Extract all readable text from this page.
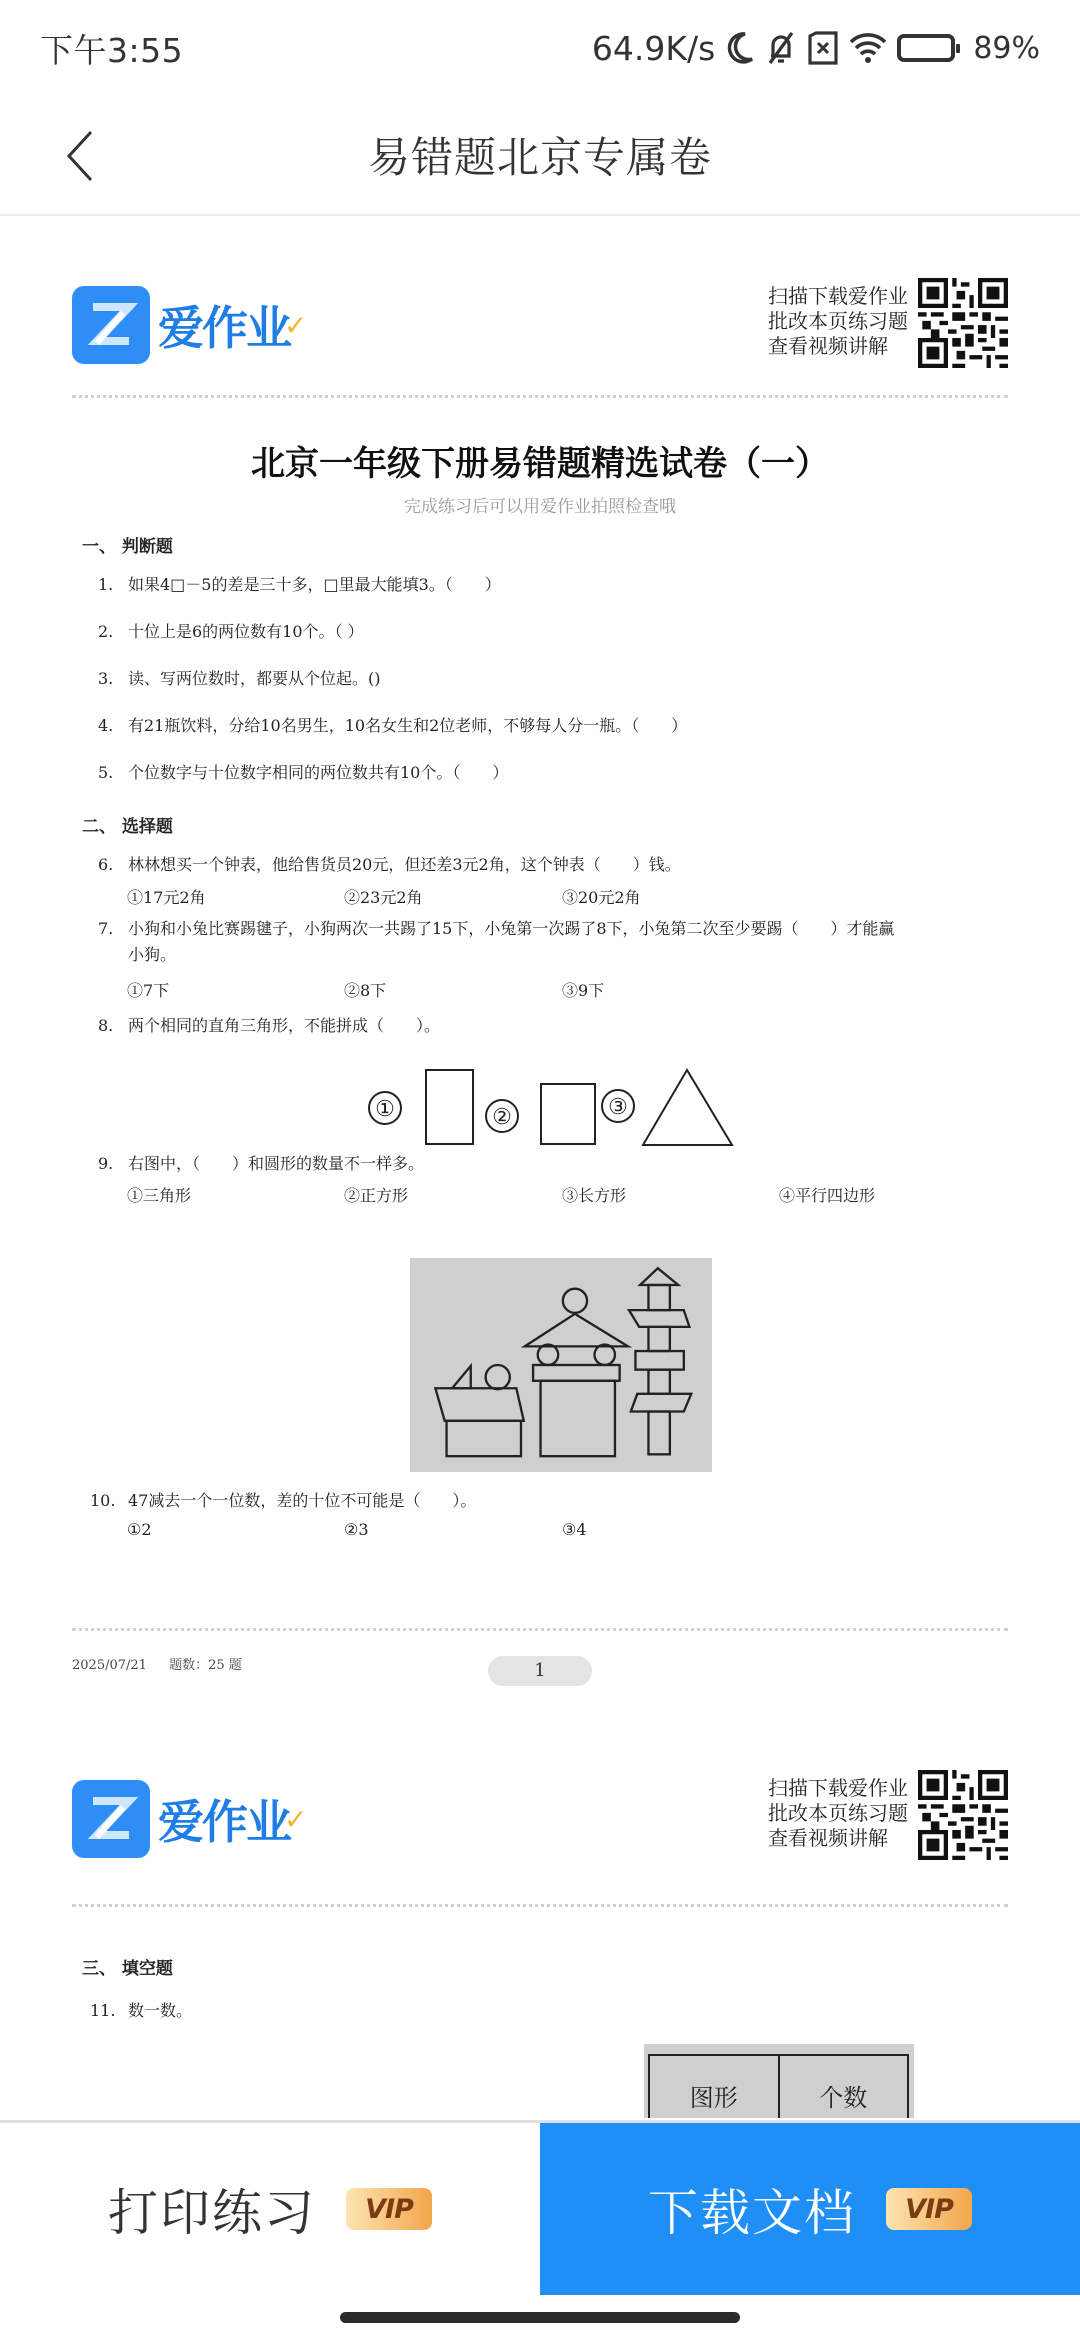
下午3:55	64.9K/s	89%
易错题北京专属卷
爱作业
✓
扫描下载爱作业
批改本页练习题
查看视频讲解
北京一年级下册易错题精选试卷（一）
完成练习后可以用爱作业拍照检查哦
一、 判断题
1. 如果4□－5的差是三十多，□里最大能填3。（　　）
2. 十位上是6的两位数有10个。（ ）
3. 读、写两位数时，都要从个位起。()
4. 有21瓶饮料，分给10名男生，10名女生和2位老师，不够每人分一瓶。（　　）
5. 个位数字与十位数字相同的两位数共有10个。（　　）
二、 选择题
6. 林林想买一个钟表，他给售货员20元，但还差3元2角，这个钟表（　　）钱。
①17元2角	②23元2角	③20元2角
7. 小狗和小兔比赛踢毽子，小狗两次一共踢了15下，小兔第一次踢了8下，小兔第二次至少要踢（　　）才能赢
小狗。
①7下	②8下	③9下
8. 两个相同的直角三角形，不能拼成（　　）。
①	②	③
9. 右图中，（　　）和圆形的数量不一样多。
①三角形	②正方形	③长方形	④平行四边形
10. 47减去一个一位数，差的十位不可能是（　　）。
①2	②3	③4
2025/07/21 题数：25 题	1
爱作业
✓
扫描下载爱作业
批改本页练习题
查看视频讲解
三、 填空题
11. 数一数。
图形	个数
打印练习	VIP	下载文档	VIP
